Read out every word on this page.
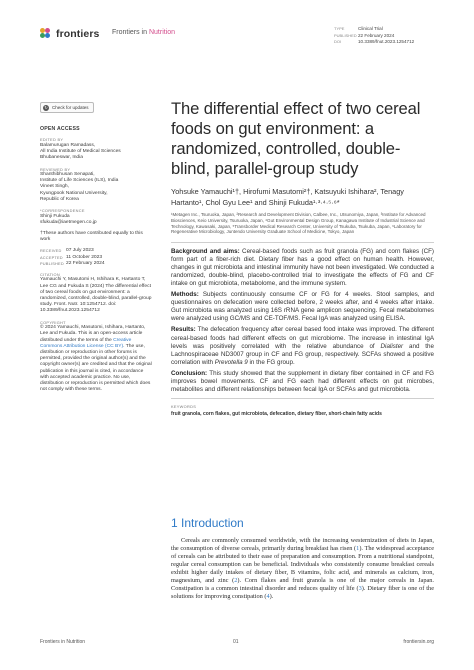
frontiers Frontiers in Nutrition
TYPE	Clinical Trial
PUBLISHED22 February 2024
DOI	10.3389/fnut.2023.1254712
↻ Check for updates
OPEN ACCESS
EDITED BY
Balamurugan Ramadass,
All India Institute of Medical Sciences
Bhubaneswar, India
REVIEWED BY
Shanthibhusan Senapati,
Institute of Life Sciences (ILS), India
Vineet Singh,
Kyungpook National University,
Republic of Korea
*CORRESPONDENCE
Shinji Fukuda
sfukuda@iaetmegen.co.jp
†These authors have contributed equally to this work
RECEIVED 07 July 2023
ACCEPTED 11 October 2023
PUBLISHED 22 February 2024
CITATION
Yamauchi Y, Masutomi H, Ishihara K, Hartanto T, Lee CG and Fukuda S (2024) The differential effect of two cereal foods on gut environment: a randomized, controlled, double-blind, parallel-group study. Front. Nutr. 10:1254712. doi: 10.3389/fnut.2023.1254712
COPYRIGHT
© 2024 Yamauchi, Masutomi, Ishihara, Hartanto, Lee and Fukuda. This is an open-access article distributed under the terms of the Creative Commons Attribution License (CC BY). The use, distribution or reproduction in other forums is permitted, provided the original author(s) and the copyright owner(s) are credited and that the original publication in this journal is cited, in accordance with accepted academic practice. No use, distribution or reproduction is permitted which does not comply with these terms.
The differential effect of two cereal foods on gut environment: a randomized, controlled, double-blind, parallel-group study
Yohsuke Yamauchi¹†, Hirofumi Masutomi²†, Katsuyuki Ishihara², Tenagy Hartanto¹, Chol Gyu Lee¹ and Shinji Fukuda¹·³·⁴·⁵·⁶*
¹Metagen Inc., Tsuruoka, Japan, ²Research and Development Division, Calbee, Inc., Utsunomiya, Japan, ³Institute for Advanced Biosciences, Keio University, Tsuruoka, Japan, ⁴Gut Environmental Design Group, Kanagawa Institute of Industrial Science and Technology, Kawasaki, Japan, ⁵Transborder Medical Research Center, University of Tsukuba, Tsukuba, Japan, ⁶Laboratory for Regenerative Microbiology, Juntendo University Graduate School of Medicine, Tokyo, Japan

Background and aims: Cereal-based foods such as fruit granola (FG) and corn flakes (CF) form part of a fiber-rich diet. Dietary fiber has a good effect on human health. However, changes in gut microbiota and intestinal immunity have not been investigated. We conducted a randomized, double-blind, placebo-controlled trial to investigate the effects of FG and CF intake on gut microbiota, metabolome, and the immune system.

Methods: Subjects continuously consume CF or FG for 4 weeks. Stool samples, and questionnaires on defecation were collected before, 2 weeks after, and 4 weeks after intake. Gut microbiota was analyzed using 16S rRNA gene amplicon sequencing. Fecal metabolomes were analyzed using GC/MS and CE-TOF/MS. Fecal IgA was analyzed using ELISA.

Results: The defecation frequency after cereal based food intake was improved. The different cereal-based foods had different effects on gut microbiome. The increase in intestinal IgA levels was positively correlated with the relative abundance of Dialister and the Lachnospiraceae ND3007 group in CF and FG group, respectively. SCFAs showed a positive correlation with Prevotella 9 in the FG group.

Conclusion: This study showed that the supplement in dietary fiber contained in CF and FG improves bowel movements. CF and FG each had different effects on gut microbes, metabolites and different relationships between fecal IgA or SCFAs and gut microbiota.

KEYWORDS
fruit granola, corn flakes, gut microbiota, defecation, dietary fiber, short-chain fatty acids
1 Introduction

Cereals are commonly consumed worldwide, with the increasing westernization of diets in Japan, the consumption of diverse cereals, primarily during breakfast has risen (1). The widespread acceptance of cereals can be attributed to their ease of preparation and consumption. From a nutritional standpoint, regular cereal consumption can be beneficial. Individuals who consistently consume breakfast cereals exhibit higher daily intakes of dietary fiber, B vitamins, folic acid, and minerals as calcium, iron, magnesium, and zinc (2). Corn flakes and fruit granola is one of the major cereals in Japan. Constipation is a common intestinal disorder and reduces quality of life (3). Dietary fiber is one of the solutions for improving constipation (4).

Frontiers in Nutrition	01	frontiersin.org
